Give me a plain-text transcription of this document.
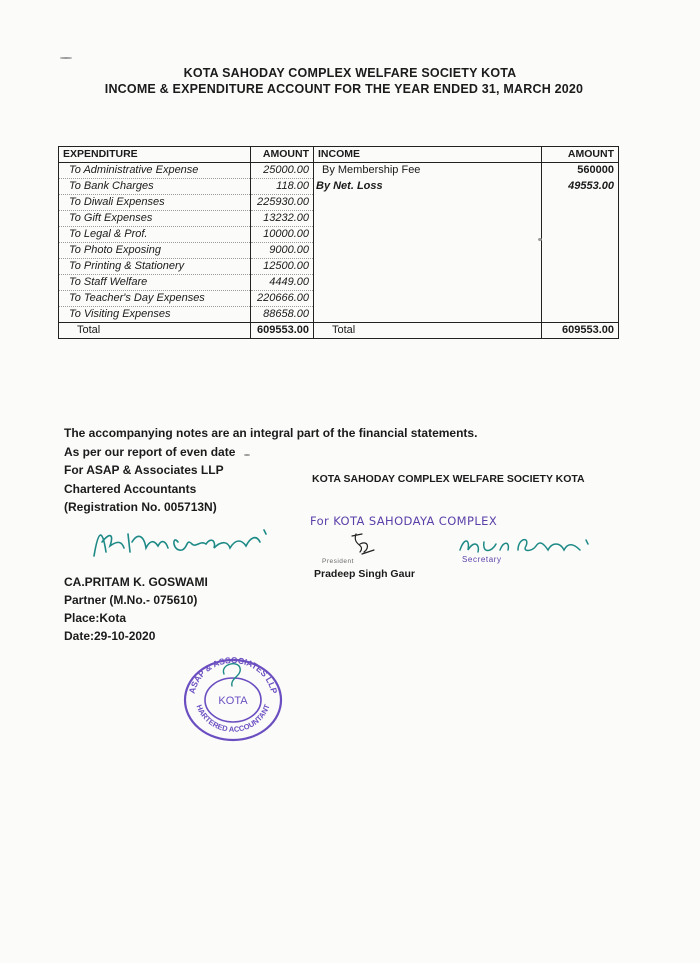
KOTA SAHODAY COMPLEX WELFARE SOCIETY KOTA
INCOME & EXPENDITURE ACCOUNT FOR THE YEAR ENDED 31, MARCH 2020
EXPENDITURE	AMOUNT	INCOME	AMOUNT
To Administrative Expense	25000.00	By Membership Fee	560000
To Bank Charges	118.00	By Net. Loss	49553.00
To Diwali Expenses	225930.00		
To Gift Expenses	13232.00		
To Legal & Prof.	10000.00		
To Photo Exposing	9000.00		
To Printing & Stationery	12500.00		
To Staff Welfare	4449.00		
To Teacher's Day Expenses	220666.00		
To Visiting Expenses	88658.00		
Total	609553.00	Total	609553.00
The accompanying notes are an integral part of the financial statements.
As per our report of even date
For ASAP & Associates LLP
Chartered Accountants
(Registration No. 005713N)
KOTA SAHODAY COMPLEX WELFARE SOCIETY KOTA
For KOTA SAHODAYA COMPLEX
CA.PRITAM K. GOSWAMI
Partner (M.No.- 075610)
Place:Kota
Date:29-10-2020
President
Pradeep Singh Gaur
Secretary
ASAP & ASSOCIATES LLP
HARTERED ACCOUNTANT
KOTA
